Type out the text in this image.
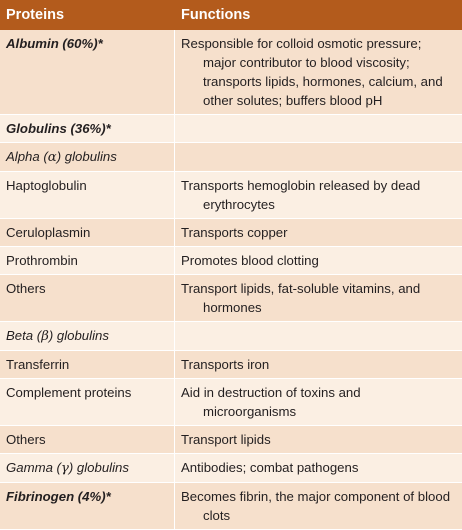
Proteins	Functions
Albumin (60%)*	Responsible for colloid osmotic pressure; major contributor to blood viscosity; transports lipids, hormones, calcium, and other solutes; buffers blood pH
Globulins (36%)*
Alpha (α) globulins
Haptoglobulin	Transports hemoglobin released by dead erythrocytes
Ceruloplasmin	Transports copper
Prothrombin	Promotes blood clotting
Others	Transport lipids, fat-soluble vitamins, and hormones
Beta (β) globulins
Transferrin	Transports iron
Complement proteins	Aid in destruction of toxins and microorganisms
Others	Transport lipids
Gamma (γ) globulins	Antibodies; combat pathogens
Fibrinogen (4%)*	Becomes fibrin, the major component of blood clots
